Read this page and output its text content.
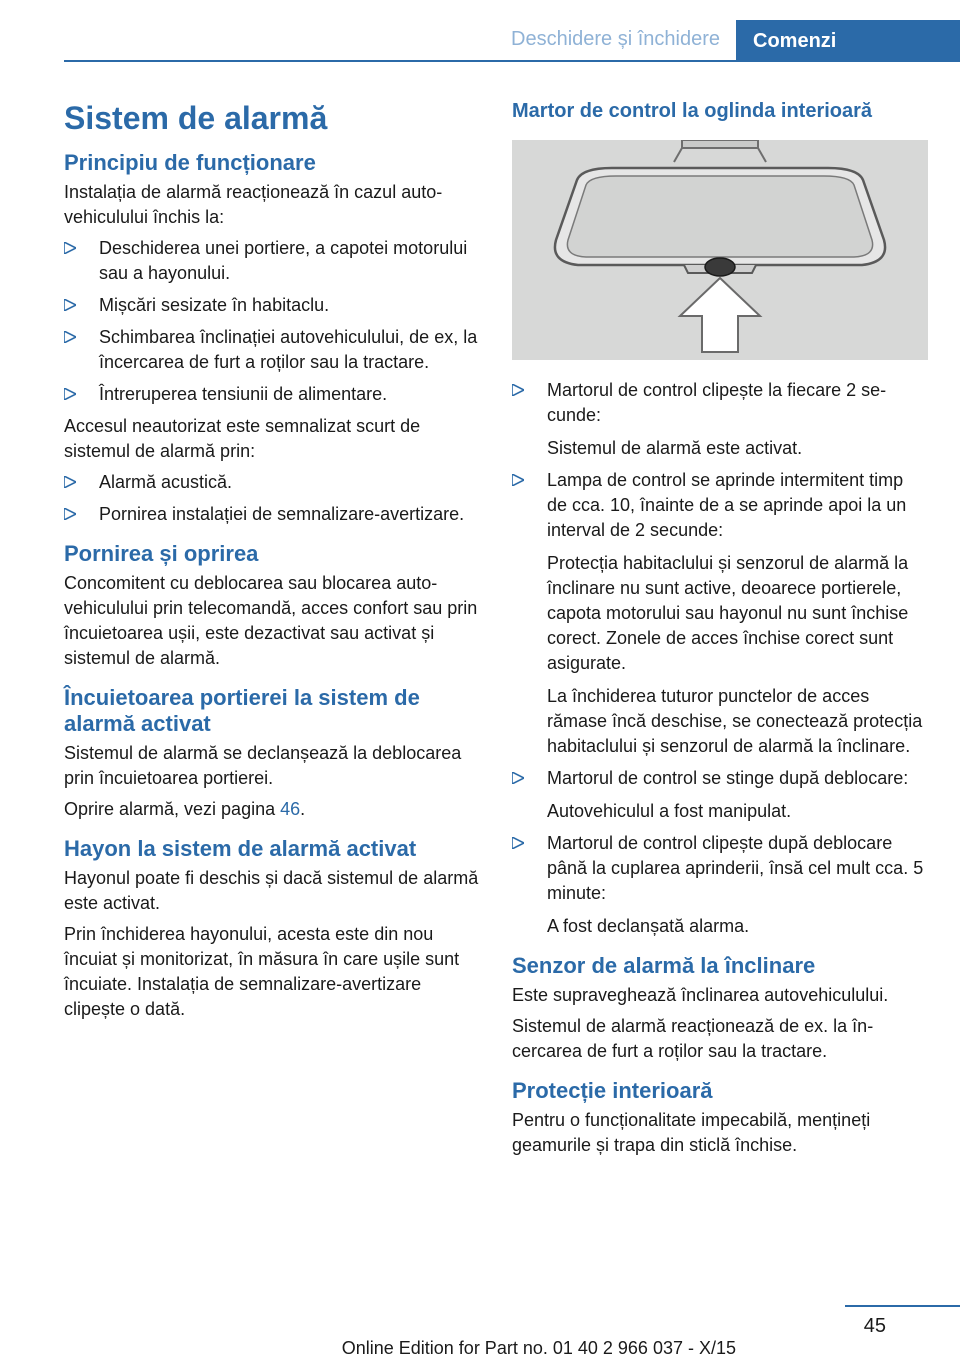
Deschidere și închidere Comenzi
Sistem de alarmă
Principiu de funcționare

Instalația de alarmă reacționează în cazul autovehiculului închis la:

Deschiderea unei portiere, a capotei motorului sau a hayonului.
Mișcări sesizate în habitaclu.
Schimbarea înclinației autovehiculului, de ex, la încercarea de furt a roților sau la tractare.
Întreruperea tensiunii de alimentare.

Accesul neautorizat este semnalizat scurt de sistemul de alarmă prin:

Alarmă acustică.
Pornirea instalației de semnalizare-avertizare.
Pornirea și oprirea

Concomitent cu deblocarea sau blocarea autovehiculului prin telecomandă, acces confort sau prin încuietoarea ușii, este dezactivat sau activat și sistemul de alarmă.

Încuietoarea portierei la sistem de alarmă activat

Sistemul de alarmă se declanșează la deblocarea prin încuietoarea portierei.

Oprire alarmă, vezi pagina 46.

Hayon la sistem de alarmă activat

Hayonul poate fi deschis și dacă sistemul de alarmă este activat.

Prin închiderea hayonului, acesta este din nou încuiat și monitorizat, în măsura în care ușile sunt încuiate. Instalația de semnalizare-avertizare clipește o dată.

Martor de control la oglinda interioară
Martorul de control clipește la fiecare 2 secunde:
Sistemul de alarmă este activat.
Lampa de control se aprinde intermitent timp de cca. 10, înainte de a se aprinde apoi la un interval de 2 secunde:
Protecția habitaclului și senzorul de alarmă la înclinare nu sunt active, deoarece portierele, capota motorului sau hayonul nu sunt închise corect. Zonele de acces închise corect sunt asigurate.
La închiderea tuturor punctelor de acces rămase încă deschise, se conectează protecția habitaclului și senzorul de alarmă la înclinare.
Martorul de control se stinge după deblocare:
Autovehiculul a fost manipulat.
Martorul de control clipește după deblocare până la cuplarea aprinderii, însă cel mult cca. 5 minute:
A fost declanșată alarma.
Senzor de alarmă la înclinare

Este supraveghează înclinarea autovehiculului.

Sistemul de alarmă reacționează de ex. la încercarea de furt a roților sau la tractare.

Protecție interioară

Pentru o funcționalitate impecabilă, mențineți geamurile și trapa din sticlă închise.

45
Online Edition for Part no. 01 40 2 966 037 - X/15
